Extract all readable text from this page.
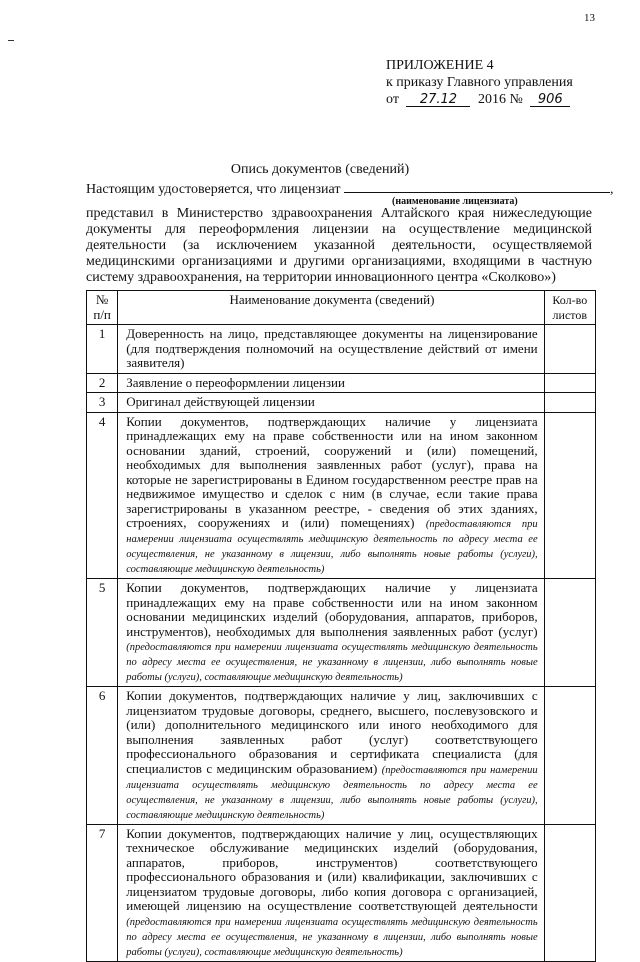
13
ПРИЛОЖЕНИЕ 4
к приказу Главного управления
от 27.12 2016 № 906
Опись документов (сведений)
Настоящим удостоверяется, что лицензиат	,
(наименование лицензиата)
представил в Министерство здравоохранения Алтайского края нижеследующие документы для переоформления лицензии на осуществление медицинской деятельности (за исключением указанной деятельности, осуществляемой медицинскими организациями и другими организациями, входящими в частную систему здравоохранения, на территории инновационного центра «Сколково»)
№ п/п	Наименование документа (сведений)	Кол-во листов
1	Доверенность на лицо, представляющее документы на лицензирование (для подтверждения полномочий на осуществление действий от имени заявителя)	
2	Заявление о переоформлении лицензии	
3	Оригинал действующей лицензии	
4	Копии документов, подтверждающих наличие у лицензиата принадлежащих ему на праве собственности или на ином законном основании зданий, строений, сооружений и (или) помещений, необходимых для выполнения заявленных работ (услуг), права на которые не зарегистрированы в Едином государственном реестре прав на недвижимое имущество и сделок с ним (в случае, если такие права зарегистрированы в указанном реестре, - сведения об этих зданиях, строениях, сооружениях и (или) помещениях) (предоставляются при намерении лицензиата осуществлять медицинскую деятельность по адресу места ее осуществления, не указанному в лицензии, либо выполнять новые работы (услуги), составляющие медицинскую деятельность)	
5	Копии документов, подтверждающих наличие у лицензиата принадлежащих ему на праве собственности или на ином законном основании медицинских изделий (оборудования, аппаратов, приборов, инструментов), необходимых для выполнения заявленных работ (услуг) (предоставляются при намерении лицензиата осуществлять медицинскую деятельность по адресу места ее осуществления, не указанному в лицензии, либо выполнять новые работы (услуги), составляющие медицинскую деятельность)	
6	Копии документов, подтверждающих наличие у лиц, заключивших с лицензиатом трудовые договоры, среднего, высшего, послевузовского и (или) дополнительного медицинского или иного необходимого для выполнения заявленных работ (услуг) соответствующего профессионального образования и сертификата специалиста (для специалистов с медицинским образованием) (предоставляются при намерении лицензиата осуществлять медицинскую деятельность по адресу места ее осуществления, не указанному в лицензии, либо выполнять новые работы (услуги), составляющие медицинскую деятельность)	
7	Копии документов, подтверждающих наличие у лиц, осуществляющих техническое обслуживание медицинских изделий (оборудования, аппаратов, приборов, инструментов) соответствующего профессионального образования и (или) квалификации, заключивших с лицензиатом трудовые договоры, либо копия договора с организацией, имеющей лицензию на осуществление соответствующей деятельности (предоставляются при намерении лицензиата осуществлять медицинскую деятельность по адресу места ее осуществления, не указанному в лицензии, либо выполнять новые работы (услуги), составляющие медицинскую деятельность)	
